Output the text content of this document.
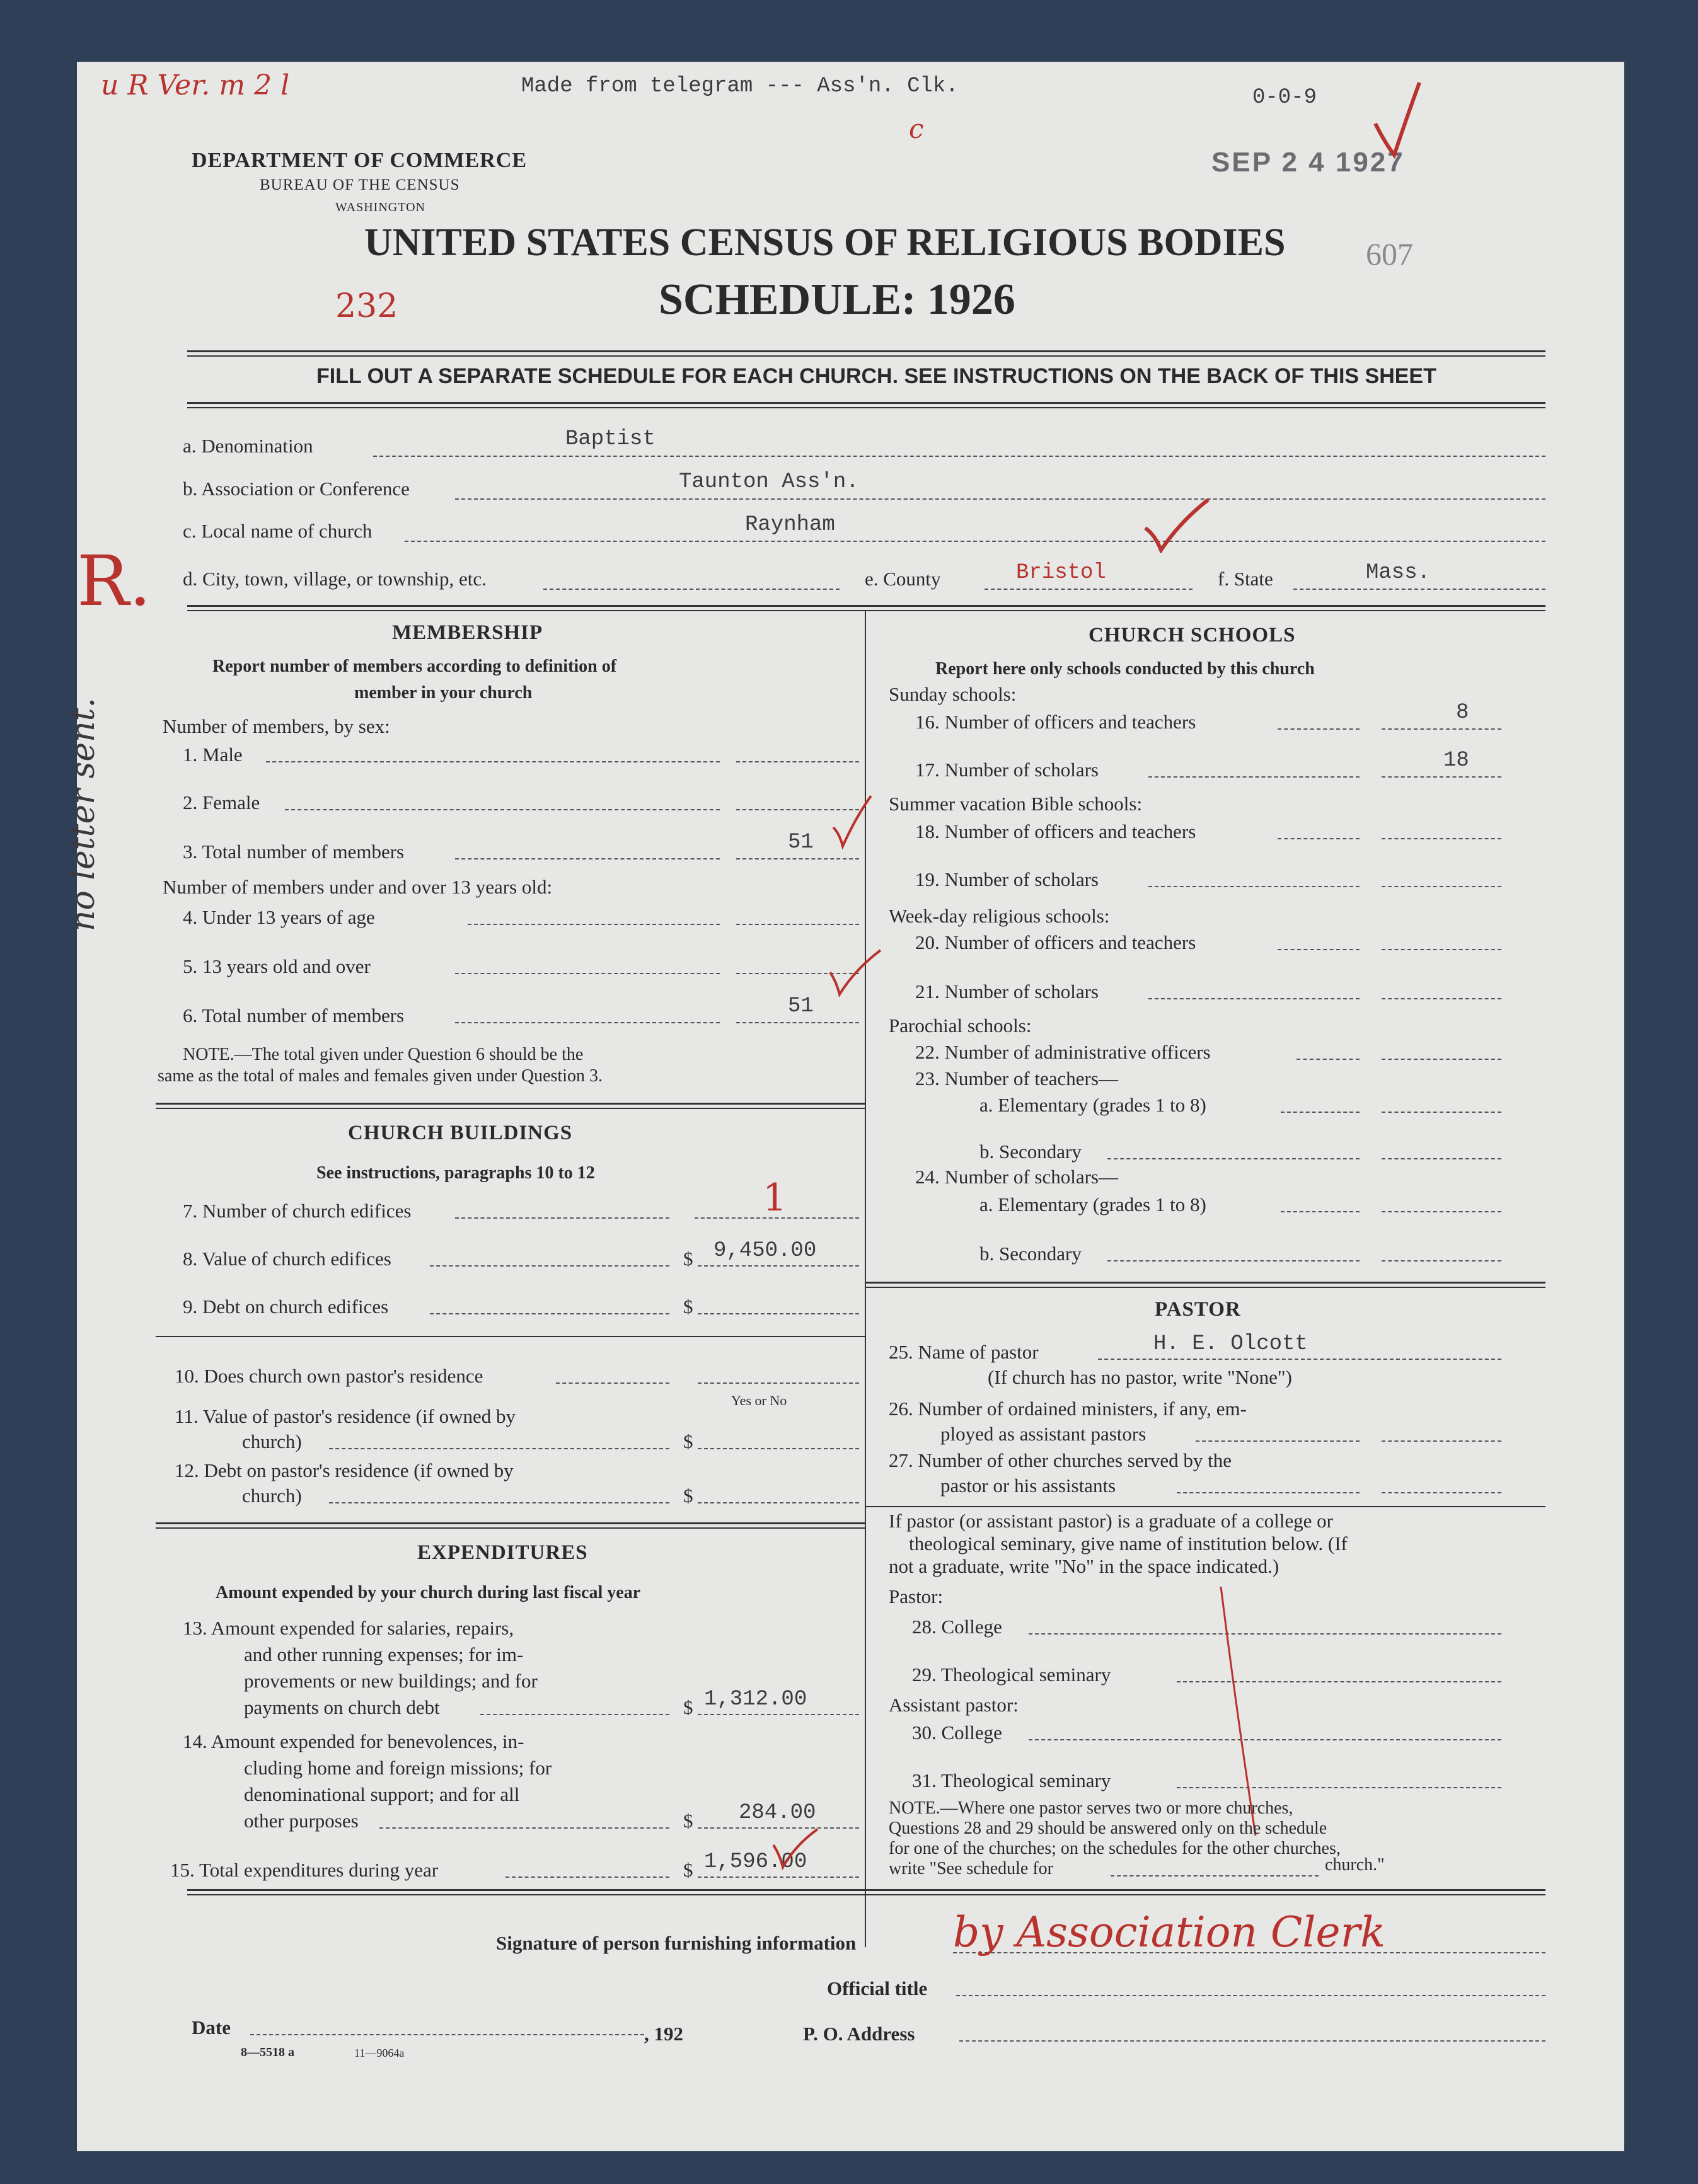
u R Ver. m 2 l	Made from telegram --- Ass'n. Clk.
c
0-0-9
SEP 2 4 1927
607
DEPARTMENT OF COMMERCE
BUREAU OF THE CENSUS
WASHINGTON
UNITED STATES CENSUS OF RELIGIOUS BODIES
SCHEDULE: 1926
232
FILL OUT A SEPARATE SCHEDULE FOR EACH CHURCH. SEE INSTRUCTIONS ON THE BACK OF THIS SHEET
R.
no letter sent.
a. Denomination	Baptist
b. Association or Conference	Taunton Ass'n.
c. Local name of church	Raynham
d. City, town, village, or township, etc.	e. County	Bristol	f. State	Mass.
MEMBERSHIP
Report number of members according to definition of
member in your church
Number of members, by sex:
1. Male
2. Female
3. Total number of members	51
Number of members under and over 13 years old:
4. Under 13 years of age
5. 13 years old and over
6. Total number of members	51
NOTE.—The total given under Question 6 should be the
same as the total of males and females given under Question 3.
CHURCH BUILDINGS
See instructions, paragraphs 10 to 12
7. Number of church edifices	1
8. Value of church edifices	$ 9,450.00
9. Debt on church edifices	$
10. Does church own pastor's residence
Yes or No
11. Value of pastor's residence (if owned by
church)	$
12. Debt on pastor's residence (if owned by
church)	$
EXPENDITURES
Amount expended by your church during last fiscal year
13. Amount expended for salaries, repairs,
and other running expenses; for im-
provements or new buildings; and for
payments on church debt	$ 1,312.00
14. Amount expended for benevolences, in-
cluding home and foreign missions; for
denominational support; and for all
other purposes	$ 284.00
15. Total expenditures during year	$ 1,596.00
CHURCH SCHOOLS
Report here only schools conducted by this church
Sunday schools:
16. Number of officers and teachers	8
17. Number of scholars	18
Summer vacation Bible schools:
18. Number of officers and teachers
19. Number of scholars
Week-day religious schools:
20. Number of officers and teachers
21. Number of scholars
Parochial schools:
22. Number of administrative officers
23. Number of teachers—
a. Elementary (grades 1 to 8)
b. Secondary
24. Number of scholars—
a. Elementary (grades 1 to 8)
b. Secondary
PASTOR
25. Name of pastor	H. E. Olcott
(If church has no pastor, write "None")
26. Number of ordained ministers, if any, em-
ployed as assistant pastors
27. Number of other churches served by the
pastor or his assistants
If pastor (or assistant pastor) is a graduate of a college or
theological seminary, give name of institution below. (If
not a graduate, write "No" in the space indicated.)
Pastor:
28. College
29. Theological seminary
Assistant pastor:
30. College
31. Theological seminary
NOTE.—Where one pastor serves two or more churches,
Questions 28 and 29 should be answered only on the schedule
for one of the churches; on the schedules for the other churches,
write "See schedule for	church."
Signature of person furnishing information by Association Clerk
Official title
Date	, 192	P. O. Address
8—5518 a	11—9064a
